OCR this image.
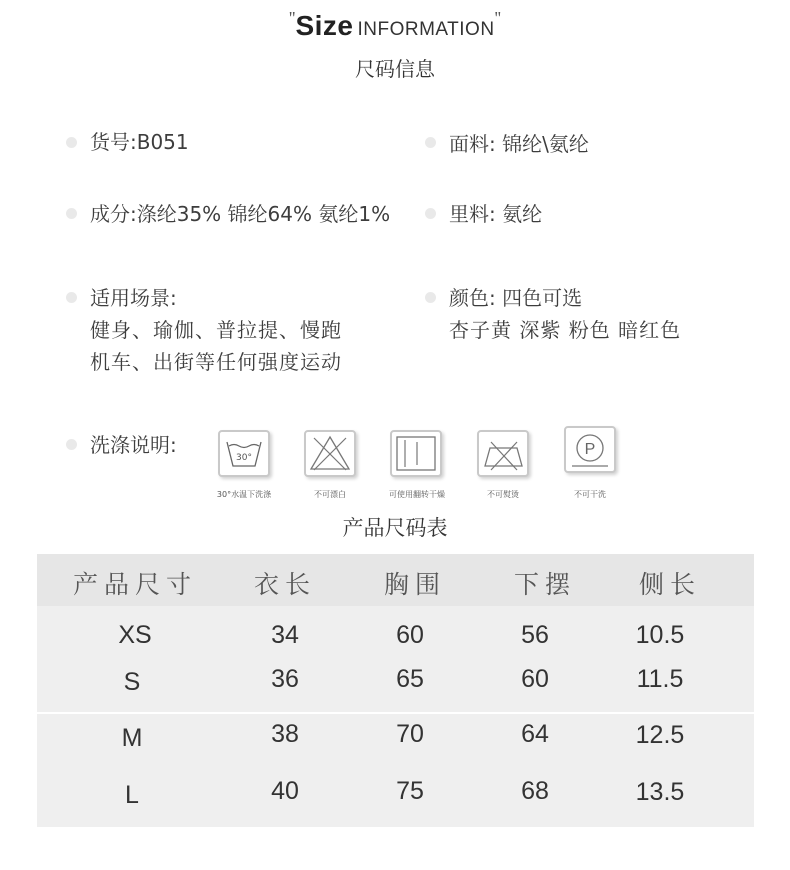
''Size INFORMATION''
尺码信息
货号:B051	面料: 锦纶\氨纶
成分:涤纶35% 锦纶64% 氨纶1%	里料: 氨纶
适用场景:
健身、瑜伽、普拉提、慢跑
机车、出街等任何强度运动
颜色: 四色可选
杏子黄 深紫 粉色 暗红色
洗涤说明:
30°	P
30°水温下洗涤	不可漂白	可使用翻转干燥	不可熨烫	不可干洗
产品尺码表
产品尺寸	衣长	胸围	下摆	侧长
XS	34	60	56	10.5
S	36	65	60	11.5
M	38	70	64	12.5
L	40	75	68	13.5
